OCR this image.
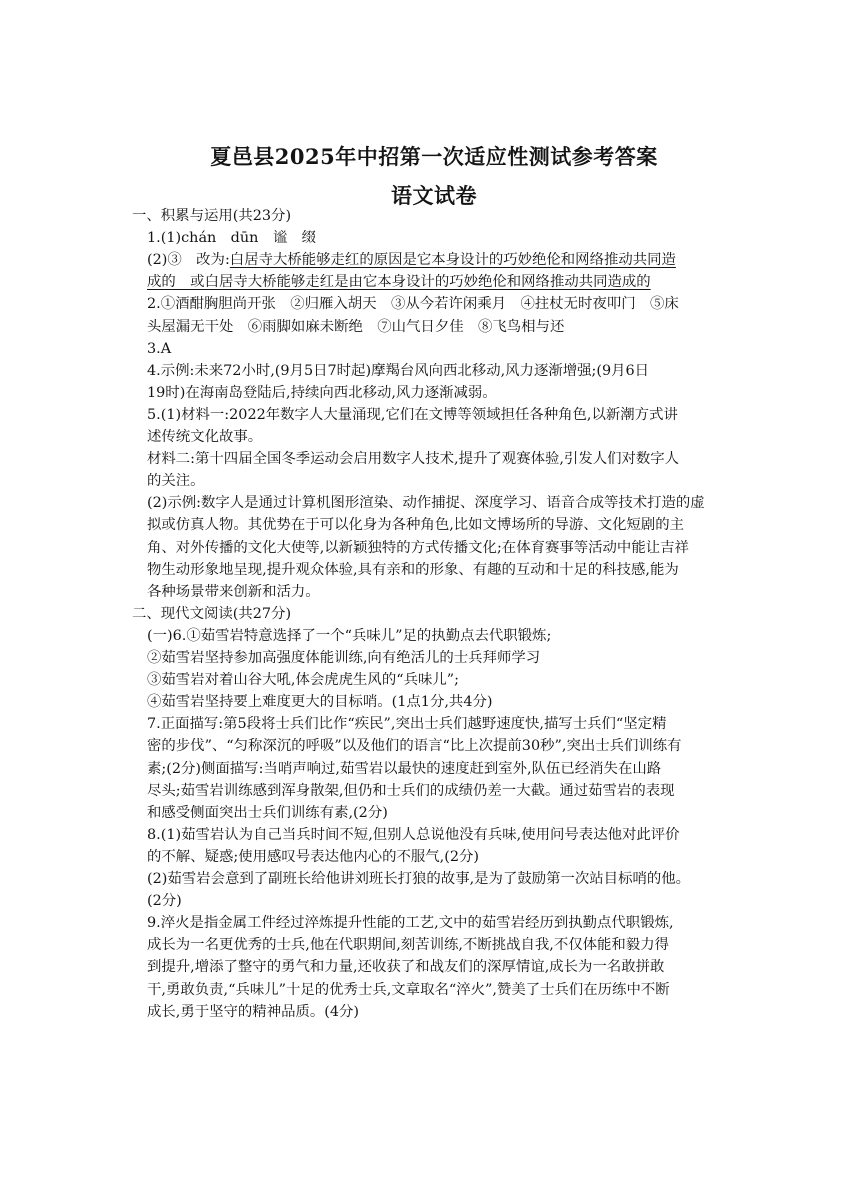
夏邑县2025年中招第一次适应性测试参考答案
语文试卷
一、积累与运用(共23分)
1.(1)chán　dūn　谧　缀
(2)③　改为:白居寺大桥能够走红的原因是它本身设计的巧妙绝伦和网络推动共同造
成的　或白居寺大桥能够走红是由它本身设计的巧妙绝伦和网络推动共同造成的
2.①酒酣胸胆尚开张　②归雁入胡天　③从今若许闲乘月　④拄杖无时夜叩门　⑤床
头屋漏无干处　⑥雨脚如麻未断绝　⑦山气日夕佳　⑧飞鸟相与还
3.A
4.示例:未来72小时,(9月5日7时起)摩羯台风向西北移动,风力逐渐增强;(9月6日
19时)在海南岛登陆后,持续向西北移动,风力逐渐减弱。
5.(1)材料一:2022年数字人大量涌现,它们在文博等领域担任各种角色,以新潮方式讲
述传统文化故事。
材料二:第十四届全国冬季运动会启用数字人技术,提升了观赛体验,引发人们对数字人
的关注。
(2)示例:数字人是通过计算机图形渲染、动作捕捉、深度学习、语音合成等技术打造的虚
拟或仿真人物。其优势在于可以化身为各种角色,比如文博场所的导游、文化短剧的主
角、对外传播的文化大使等,以新颖独特的方式传播文化;在体育赛事等活动中能让吉祥
物生动形象地呈现,提升观众体验,具有亲和的形象、有趣的互动和十足的科技感,能为
各种场景带来创新和活力。
二、现代文阅读(共27分)
(一)6.①茹雪岩特意选择了一个“兵味儿”足的执勤点去代职锻炼;
②茹雪岩坚持参加高强度体能训练,向有绝活儿的士兵拜师学习
③茹雪岩对着山谷大吼,体会虎虎生风的“兵味儿”;
④茹雪岩坚持要上难度更大的目标哨。(1点1分,共4分)
7.正面描写:第5段将士兵们比作“疾民”,突出士兵们越野速度快,描写士兵们“坚定精
密的步伐”、“匀称深沉的呼吸”以及他们的语言“比上次提前30秒”,突出士兵们训练有
素;(2分)侧面描写:当哨声响过,茹雪岩以最快的速度赶到室外,队伍已经消失在山路
尽头;茹雪岩训练感到浑身散架,但仍和士兵们的成绩仍差一大截。通过茹雪岩的表现
和感受侧面突出士兵们训练有素,(2分)
8.(1)茹雪岩认为自己当兵时间不短,但别人总说他没有兵味,使用问号表达他对此评价
的不解、疑惑;使用感叹号表达他内心的不服气,(2分)
(2)茹雪岩会意到了副班长给他讲刘班长打狼的故事,是为了鼓励第一次站目标哨的他。
(2分)
9.淬火是指金属工件经过淬炼提升性能的工艺,文中的茹雪岩经历到执勤点代职锻炼,
成长为一名更优秀的士兵,他在代职期间,刻苦训练,不断挑战自我,不仅体能和毅力得
到提升,增添了整守的勇气和力量,还收获了和战友们的深厚情谊,成长为一名敢拼敢
干,勇敢负责,“兵味儿”十足的优秀士兵,文章取名“淬火”,赞美了士兵们在历练中不断
成长,勇于坚守的精神品质。(4分)
